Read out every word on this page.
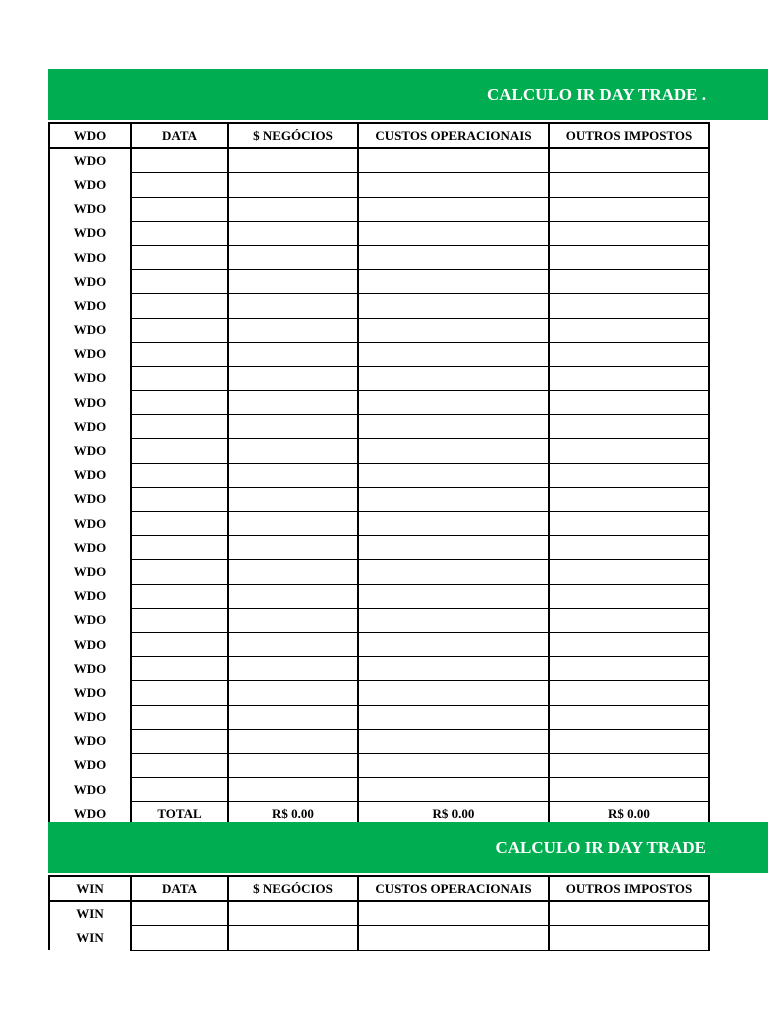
CALCULO IR DAY TRADE .
WDO	DATA	$ NEGÓCIOS	CUSTOS OPERACIONAIS	OUTROS IMPOSTOS
WDO				
WDO				
WDO				
WDO				
WDO				
WDO				
WDO				
WDO				
WDO				
WDO				
WDO				
WDO				
WDO				
WDO				
WDO				
WDO				
WDO				
WDO				
WDO				
WDO				
WDO				
WDO				
WDO				
WDO				
WDO				
WDO				
WDO				
WDO	TOTAL	R$ 0.00	R$ 0.00	R$ 0.00
CALCULO IR DAY TRADE
WIN	DATA	$ NEGÓCIOS	CUSTOS OPERACIONAIS	OUTROS IMPOSTOS
WIN				
WIN				
